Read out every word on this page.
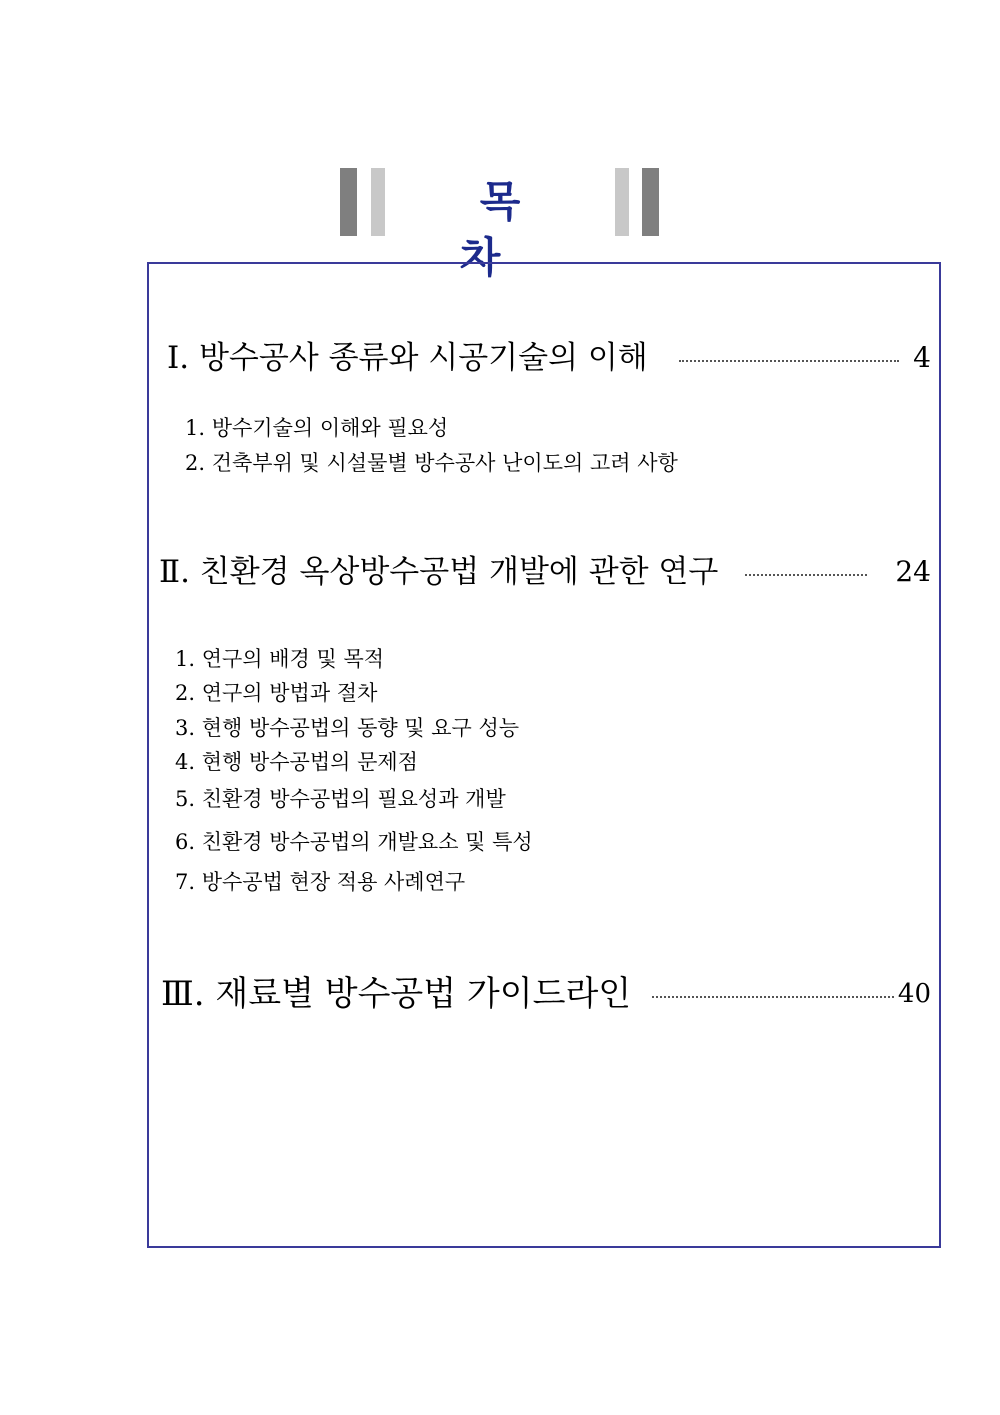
목 차
Ⅰ. 방수공사 종류와 시공기술의 이해	4
1. 방수기술의 이해와 필요성
2. 건축부위 및 시설물별 방수공사 난이도의 고려 사항
Ⅱ. 친환경 옥상방수공법 개발에 관한 연구	24
1. 연구의 배경 및 목적
2. 연구의 방법과 절차
3. 현행 방수공법의 동향 및 요구 성능
4. 현행 방수공법의 문제점
5. 친환경 방수공법의 필요성과 개발
6. 친환경 방수공법의 개발요소 및 특성
7. 방수공법 현장 적용 사례연구
Ⅲ. 재료별 방수공법 가이드라인	40
